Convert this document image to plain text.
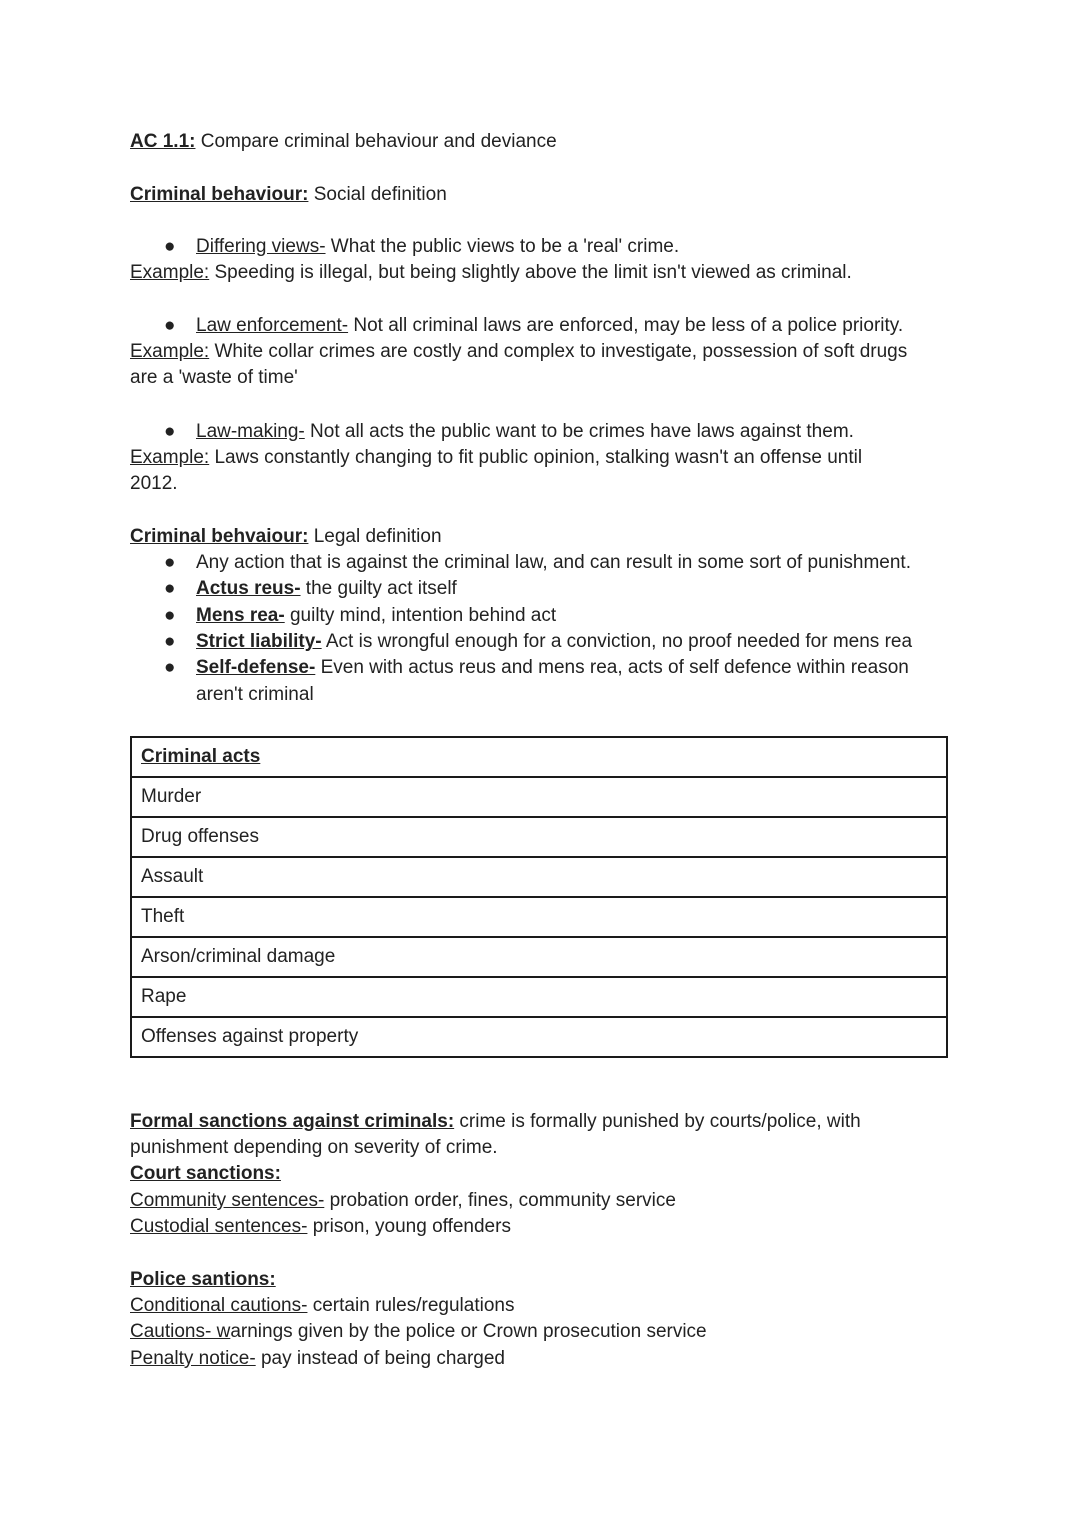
AC 1.1: Compare criminal behaviour and deviance
Criminal behaviour: Social definition
● Differing views- What the public views to be a 'real' crime.
Example: Speeding is illegal, but being slightly above the limit isn't viewed as criminal.
● Law enforcement- Not all criminal laws are enforced, may be less of a police priority.
Example: White collar crimes are costly and complex to investigate, possession of soft drugs
are a 'waste of time'
● Law-making- Not all acts the public want to be crimes have laws against them.
Example: Laws constantly changing to fit public opinion, stalking wasn't an offense until
2012.
Criminal behvaiour: Legal definition
● Any action that is against the criminal law, and can result in some sort of punishment.
● Actus reus- the guilty act itself
● Mens rea- guilty mind, intention behind act
● Strict liability- Act is wrongful enough for a conviction, no proof needed for mens rea
● Self-defense- Even with actus reus and mens rea, acts of self defence within reason
aren't criminal
Criminal acts
Murder
Drug offenses
Assault
Theft
Arson/criminal damage
Rape
Offenses against property
Formal sanctions against criminals: crime is formally punished by courts/police, with
punishment depending on severity of crime.
Court sanctions:
Community sentences- probation order, fines, community service
Custodial sentences- prison, young offenders
Police santions:
Conditional cautions- certain rules/regulations
Cautions- warnings given by the police or Crown prosecution service
Penalty notice- pay instead of being charged
